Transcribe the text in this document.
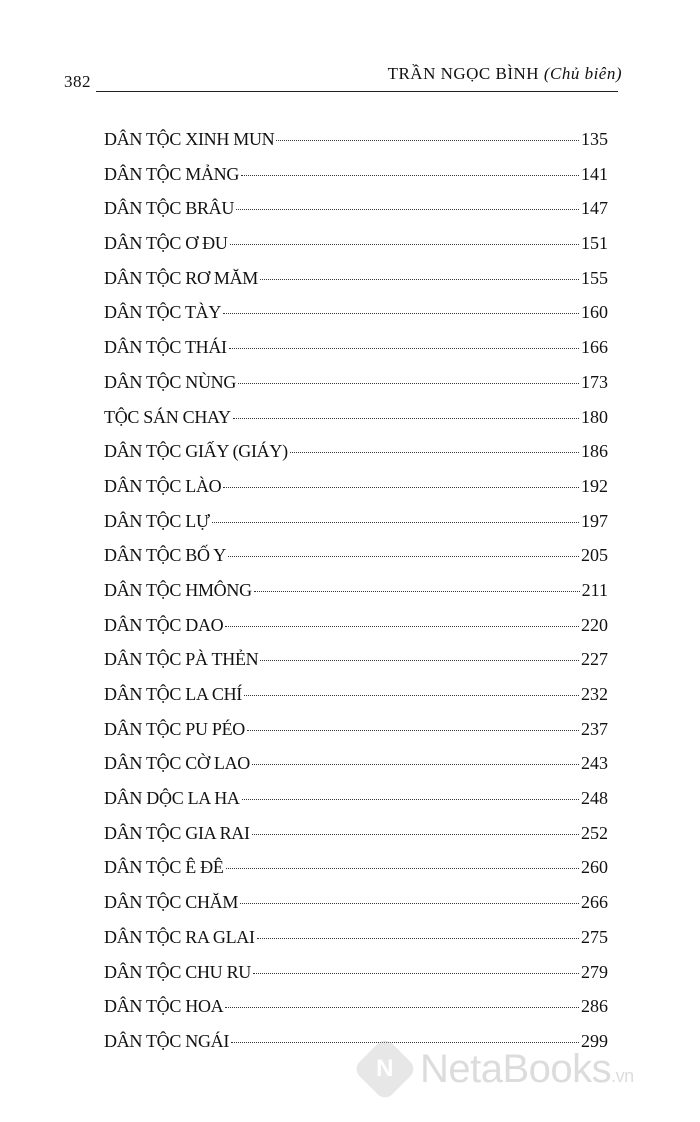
382	TRẦN NGỌC BÌNH (Chủ biên)
DÂN TỘC XINH MUN	135
DÂN TỘC MẢNG	141
DÂN TỘC BRÂU	147
DÂN TỘC Ơ ĐU	151
DÂN TỘC RƠ MĂM	155
DÂN TỘC TÀY	160
DÂN TỘC THÁI	166
DÂN TỘC NÙNG	173
TỘC SÁN CHAY	180
DÂN TỘC GIẤY (GIÁY)	186
DÂN TỘC LÀO	192
DÂN TỘC LỰ	197
DÂN TỘC BỐ Y	205
DÂN TỘC HMÔNG	211
DÂN TỘC DAO	220
DÂN TỘC PÀ THẺN	227
DÂN TỘC LA CHÍ	232
DÂN TỘC PU PÉO	237
DÂN TỘC CỜ LAO	243
DÂN DỘC LA HA	248
DÂN TỘC GIA RAI	252
DÂN TỘC Ê ĐÊ	260
DÂN TỘC CHĂM	266
DÂN TỘC RA GLAI	275
DÂN TỘC CHU RU	279
DÂN TỘC HOA	286
DÂN TỘC NGÁI	299
N NetaBooks.vn
